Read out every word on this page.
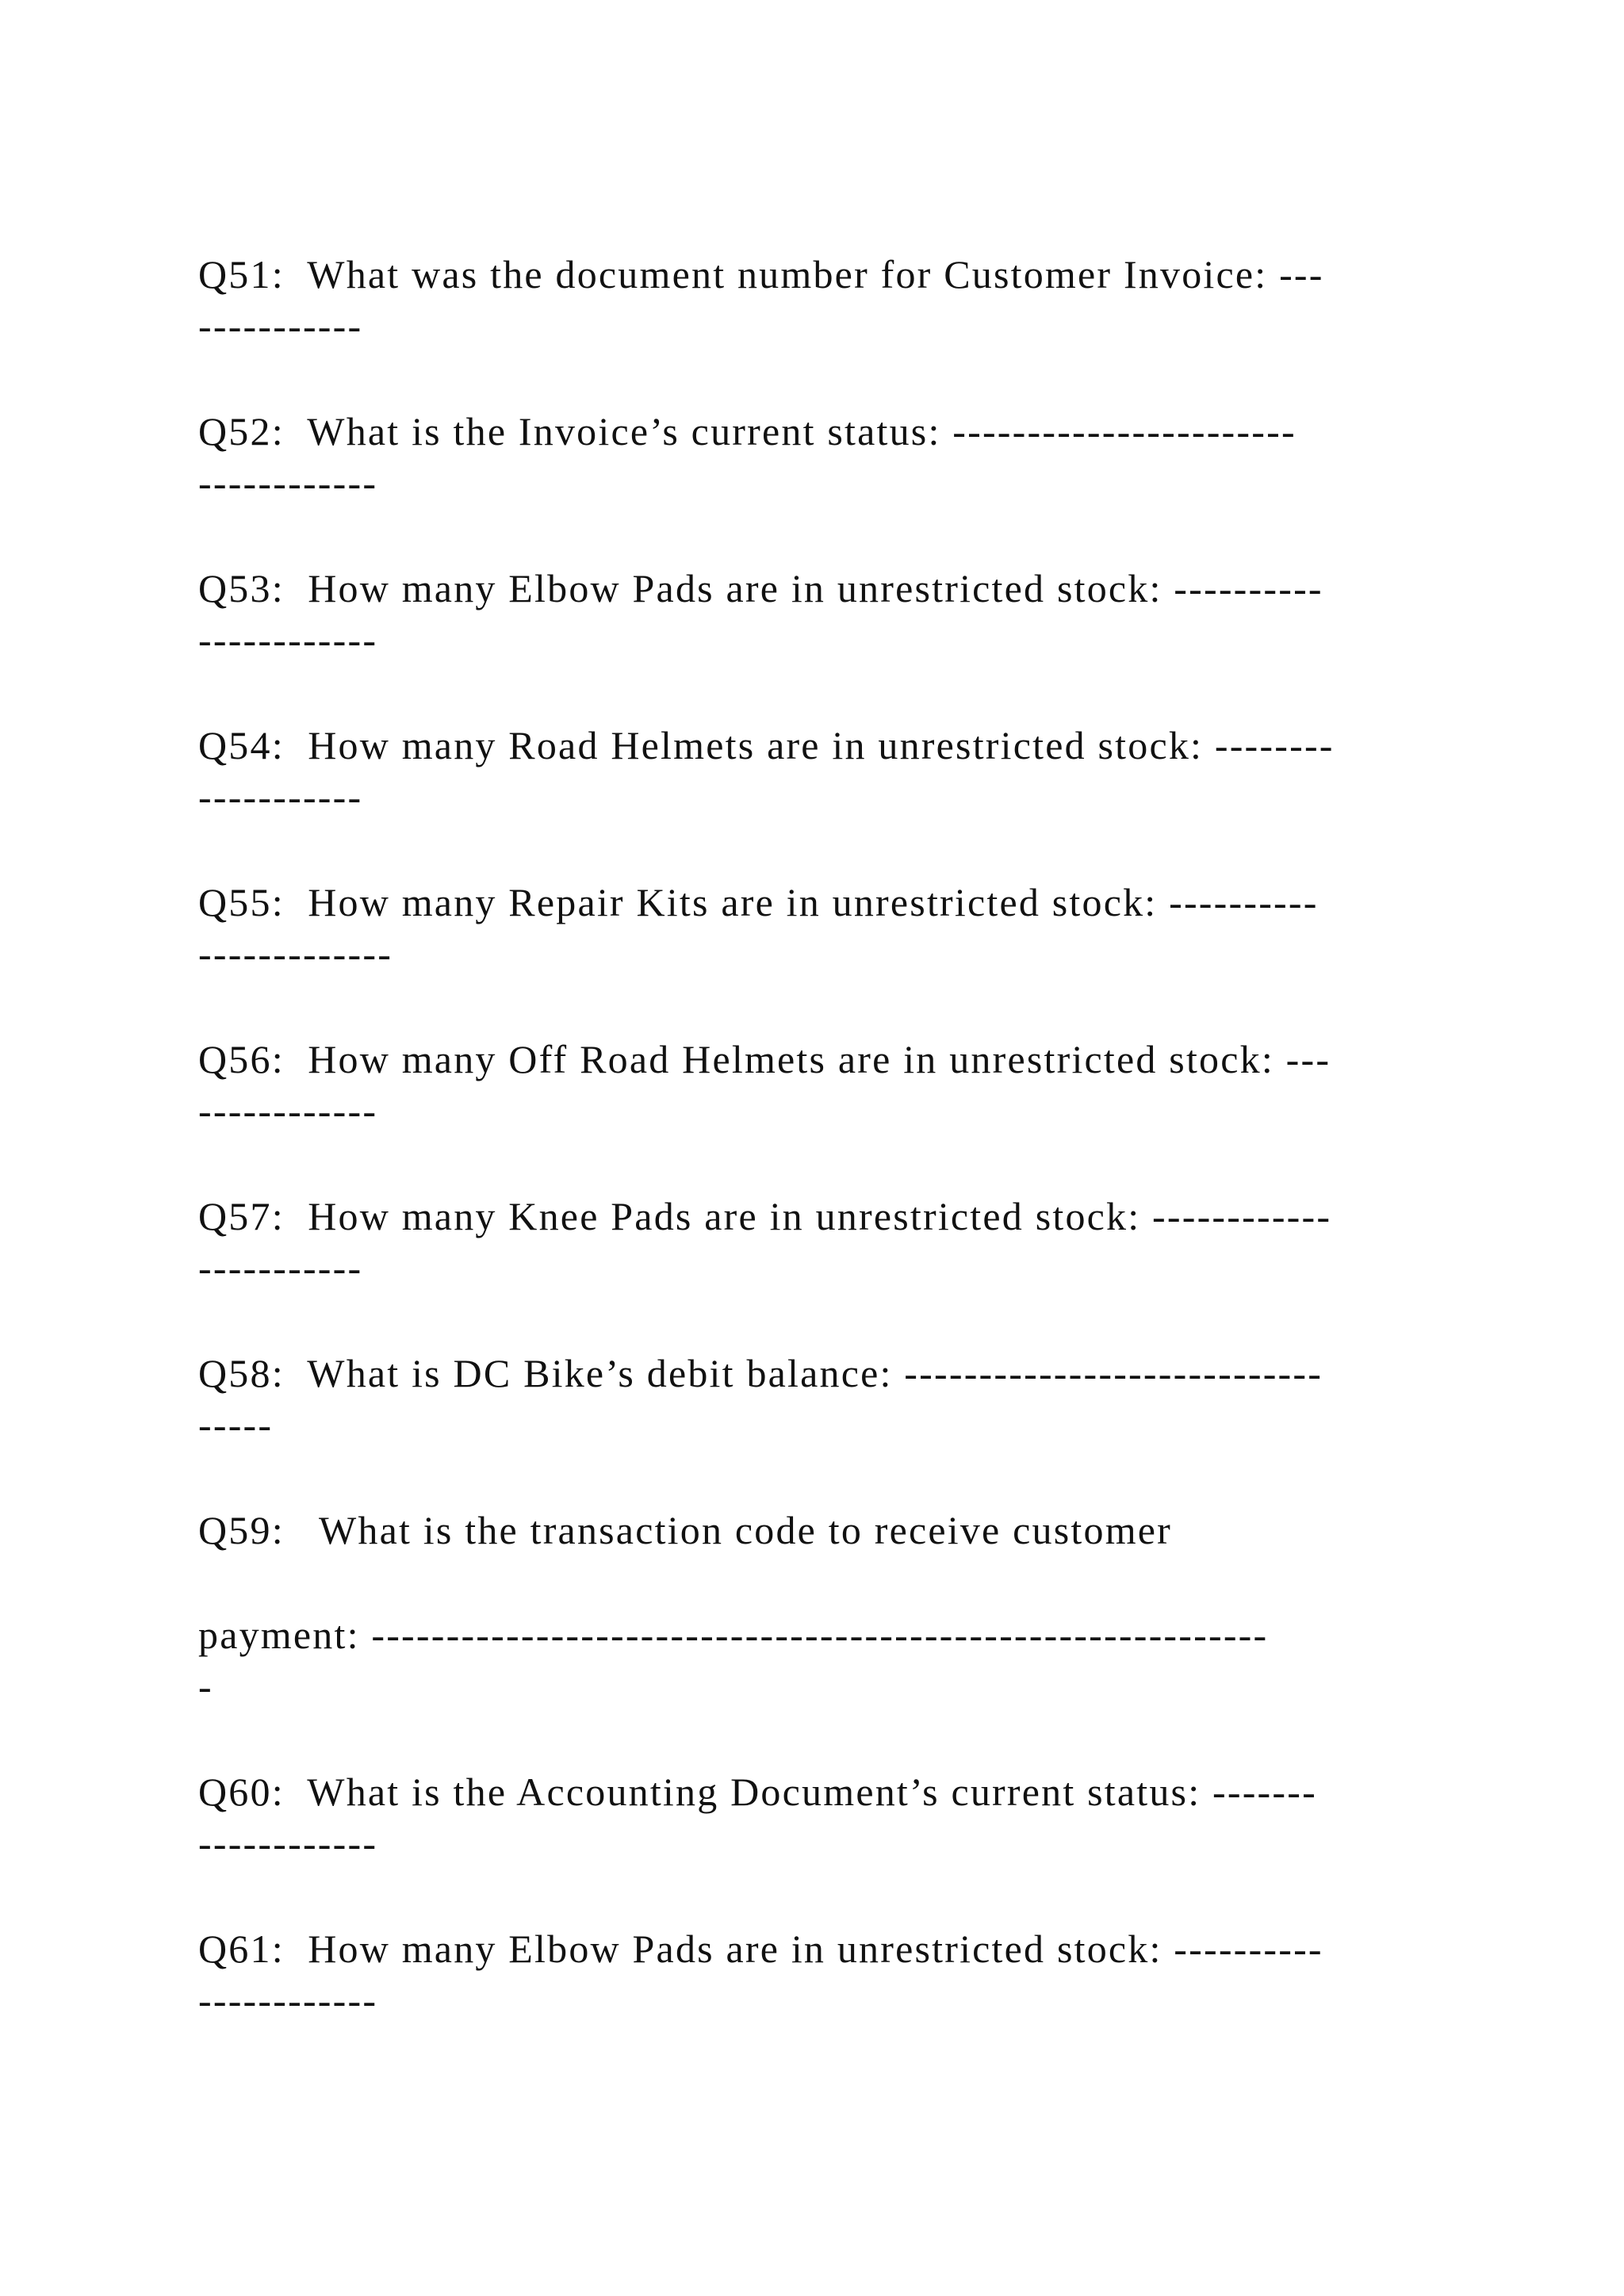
Q51:  What was the document number for Customer Invoice: ---

-----------

Q52:  What is the Invoice’s current status: -----------------------

------------

Q53:  How many Elbow Pads are in unrestricted stock: ----------

------------

Q54:  How many Road Helmets are in unrestricted stock: --------

-----------

Q55:  How many Repair Kits are in unrestricted stock: ----------

-------------

Q56:  How many Off Road Helmets are in unrestricted stock: ---

------------

Q57:  How many Knee Pads are in unrestricted stock: ------------

-----------

Q58:  What is DC Bike’s debit balance: ----------------------------

-----

Q59:   What is the transaction code to receive customer

payment: ------------------------------------------------------------

-

Q60:  What is the Accounting Document’s current status: -------

------------

Q61:  How many Elbow Pads are in unrestricted stock: ----------

------------
